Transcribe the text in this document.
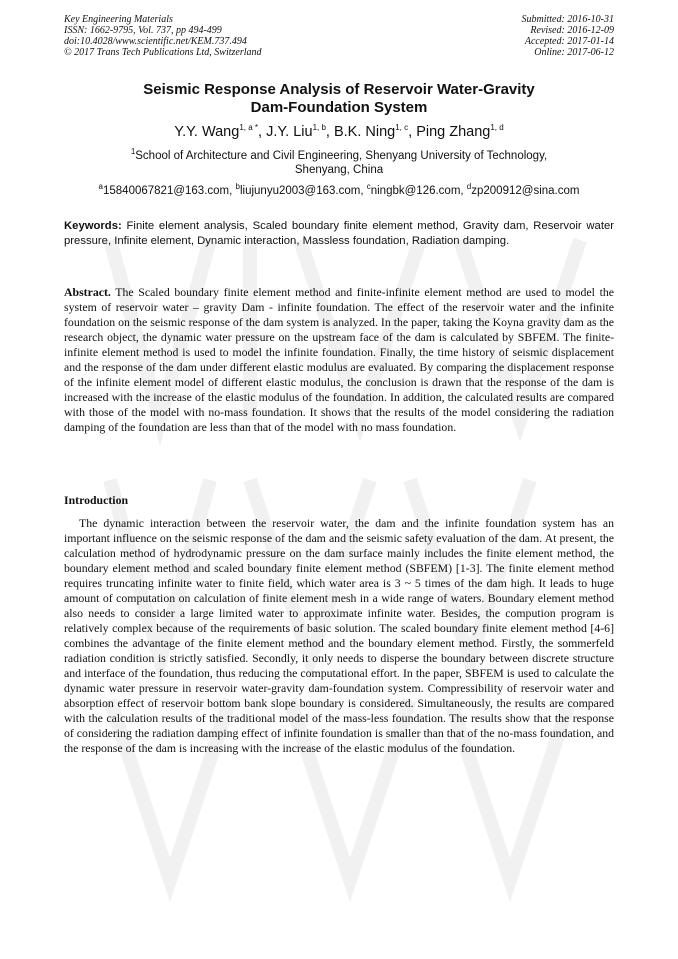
Key Engineering Materials
ISSN: 1662-9795, Vol. 737, pp 494-499
doi:10.4028/www.scientific.net/KEM.737.494
© 2017 Trans Tech Publications Ltd, Switzerland
Submitted: 2016-10-31
Revised: 2016-12-09
Accepted: 2017-01-14
Online: 2017-06-12
Seismic Response Analysis of Reservoir Water-Gravity
Dam-Foundation System
Y.Y. Wang$^{1, a *}$, J.Y. Liu$^{1, b}$, B.K. Ning$^{1, c}$, Ping Zhang$^{1, d}$
$^1$School of Architecture and Civil Engineering, Shenyang University of Technology,
Shenyang, China
$^a$15840067821@163.com, $^b$liujunyu2003@163.com, $^c$ningbk@126.com, $^d$zp200912@sina.com
Keywords: Finite element analysis, Scaled boundary finite element method, Gravity dam, Reservoir water pressure, Infinite element, Dynamic interaction, Massless foundation, Radiation damping.
Abstract. The Scaled boundary finite element method and finite-infinite element method are used to model the system of reservoir water – gravity Dam - infinite foundation. The effect of the reservoir water and the infinite foundation on the seismic response of the dam system is analyzed. In the paper, taking the Koyna gravity dam as the research object, the dynamic water pressure on the upstream face of the dam is calculated by SBFEM. The finite-infinite element method is used to model the infinite foundation. Finally, the time history of seismic displacement and the response of the dam under different elastic modulus are evaluated. By comparing the displacement response of the infinite element model of different elastic modulus, the conclusion is drawn that the response of the dam is increased with the increase of the elastic modulus of the foundation. In addition, the calculated results are compared with those of the model with no-mass foundation. It shows that the results of the model considering the radiation damping of the foundation are less than that of the model with no mass foundation.
Introduction
The dynamic interaction between the reservoir water, the dam and the infinite foundation system has an important influence on the seismic response of the dam and the seismic safety evaluation of the dam. At present, the calculation method of hydrodynamic pressure on the dam surface mainly includes the finite element method, the boundary element method and scaled boundary finite element method (SBFEM) [1-3]. The finite element method requires truncating infinite water to finite field, which water area is 3 ~ 5 times of the dam high. It leads to huge amount of computation on calculation of finite element mesh in a wide range of waters. Boundary element method also needs to consider a large limited water to approximate infinite water. Besides, the compution program is relatively complex because of the requirements of basic solution. The scaled boundary finite element method [4-6] combines the advantage of the finite element method and the boundary element method. Firstly, the sommerfeld radiation condition is strictly satisfied. Secondly, it only needs to disperse the boundary between discrete structure and interface of the foundation, thus reducing the computational effort. In the paper, SBFEM is used to calculate the dynamic water pressure in reservoir water-gravity dam-foundation system. Compressibility of reservoir water and absorption effect of reservoir bottom bank slope boundary is considered. Simultaneously, the results are compared with the calculation results of the traditional model of the mass-less foundation. The results show that the response of considering the radiation damping effect of infinite foundation is smaller than that of the no-mass foundation, and the response of the dam is increasing with the increase of the elastic modulus of the foundation.
